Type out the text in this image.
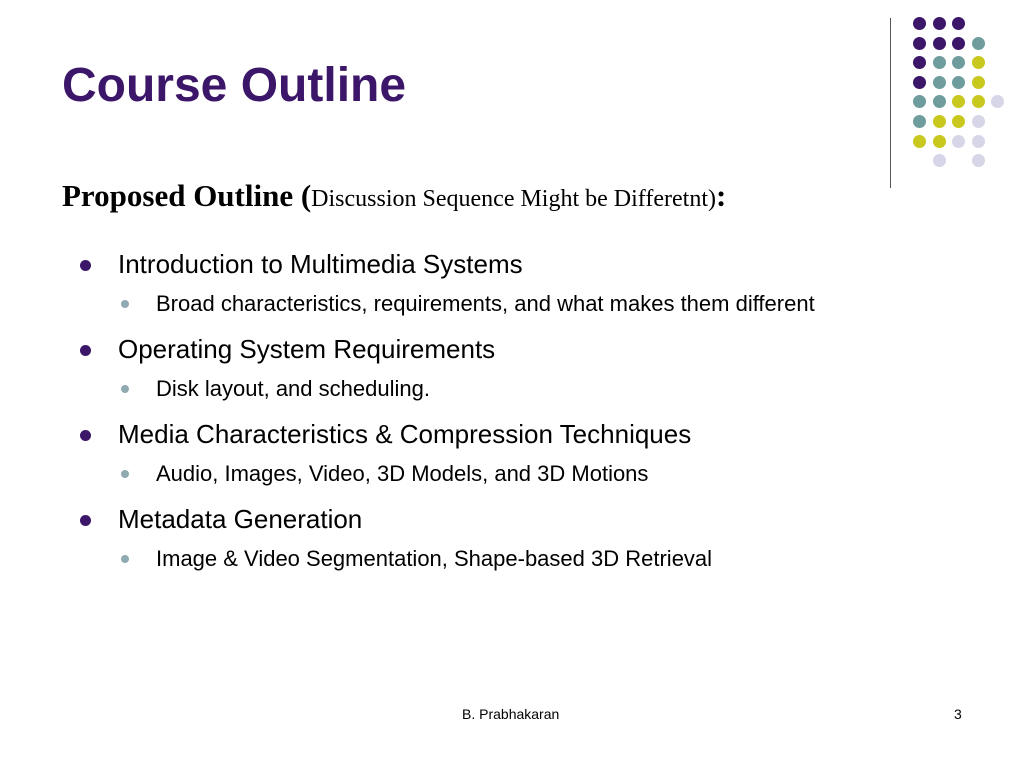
Course Outline
Proposed Outline (Discussion Sequence Might be Differetnt):
Introduction to Multimedia Systems
Broad characteristics, requirements, and what makes them different
Operating System Requirements
Disk layout, and scheduling.
Media Characteristics & Compression Techniques
Audio, Images, Video, 3D Models, and 3D Motions
Metadata Generation
Image & Video Segmentation, Shape-based 3D Retrieval
B. Prabhakaran	3
